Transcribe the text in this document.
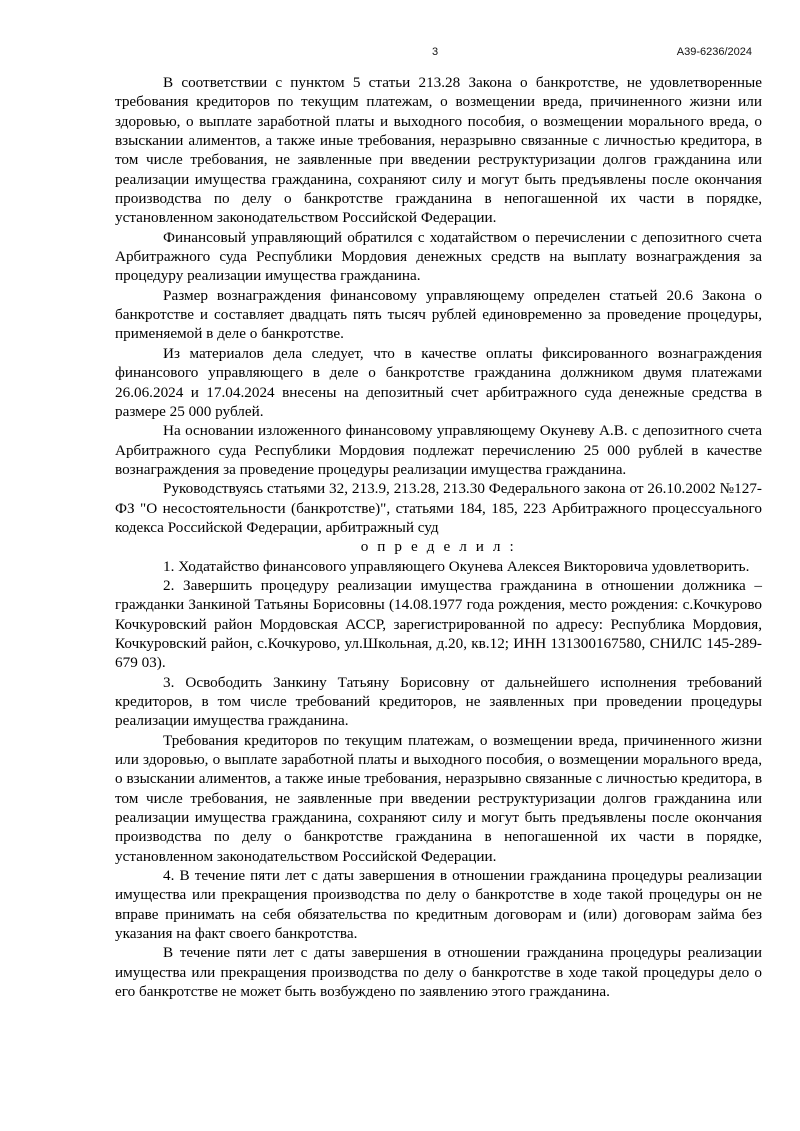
3	А39-6236/2024

В соответствии с пунктом 5 статьи 213.28 Закона о банкротстве, не удовлетворенные требования кредиторов по текущим платежам, о возмещении вреда, причиненного жизни или здоровью, о выплате заработной платы и выходного пособия, о возмещении морального вреда, о взыскании алиментов, а также иные требования, неразрывно связанные с личностью кредитора, в том числе требования, не заявленные при введении реструктуризации долгов гражданина или реализации имущества гражданина, сохраняют силу и могут быть предъявлены после окончания производства по делу о банкротстве гражданина в непогашенной их части в порядке, установленном законодательством Российской Федерации.

Финансовый управляющий обратился с ходатайством о перечислении с депозитного счета Арбитражного суда Республики Мордовия денежных средств на выплату вознаграждения за процедуру реализации имущества гражданина.

Размер вознаграждения финансовому управляющему определен статьей 20.6 Закона о банкротстве и составляет двадцать пять тысяч рублей единовременно за проведение процедуры, применяемой в деле о банкротстве.

Из материалов дела следует, что в качестве оплаты фиксированного вознаграждения финансового управляющего в деле о банкротстве гражданина должником двумя платежами 26.06.2024 и 17.04.2024 внесены на депозитный счет арбитражного суда денежные средства в размере 25 000 рублей.

На основании изложенного финансовому управляющему Окуневу А.В. с депозитного счета Арбитражного суда Республики Мордовия подлежат перечислению 25 000 рублей в качестве вознаграждения за проведение процедуры реализации имущества гражданина.

Руководствуясь статьями 32, 213.9, 213.28, 213.30 Федерального закона от 26.10.2002 №127-ФЗ "О несостоятельности (банкротстве)", статьями 184, 185, 223 Арбитражного процессуального кодекса Российской Федерации, арбитражный суд

о п р е д е л и л :

1. Ходатайство финансового управляющего Окунева Алексея Викторовича удовлетворить.

2. Завершить процедуру реализации имущества гражданина в отношении должника – гражданки Занкиной Татьяны Борисовны (14.08.1977 года рождения, место рождения: с.Кочкурово Кочкуровский район Мордовская АССР, зарегистрированной по адресу: Республика Мордовия, Кочкуровский район, с.Кочкурово, ул.Школьная, д.20, кв.12; ИНН 131300167580, СНИЛС 145-289-679 03).

3. Освободить Занкину Татьяну Борисовну от дальнейшего исполнения требований кредиторов, в том числе требований кредиторов, не заявленных при проведении процедуры реализации имущества гражданина.

Требования кредиторов по текущим платежам, о возмещении вреда, причиненного жизни или здоровью, о выплате заработной платы и выходного пособия, о возмещении морального вреда, о взыскании алиментов, а также иные требования, неразрывно связанные с личностью кредитора, в том числе требования, не заявленные при введении реструктуризации долгов гражданина или реализации имущества гражданина, сохраняют силу и могут быть предъявлены после окончания производства по делу о банкротстве гражданина в непогашенной их части в порядке, установленном законодательством Российской Федерации.

4. В течение пяти лет с даты завершения в отношении гражданина процедуры реализации имущества или прекращения производства по делу о банкротстве в ходе такой процедуры он не вправе принимать на себя обязательства по кредитным договорам и (или) договорам займа без указания на факт своего банкротства.

В течение пяти лет с даты завершения в отношении гражданина процедуры реализации имущества или прекращения производства по делу о банкротстве в ходе такой процедуры дело о его банкротстве не может быть возбуждено по заявлению этого гражданина.
